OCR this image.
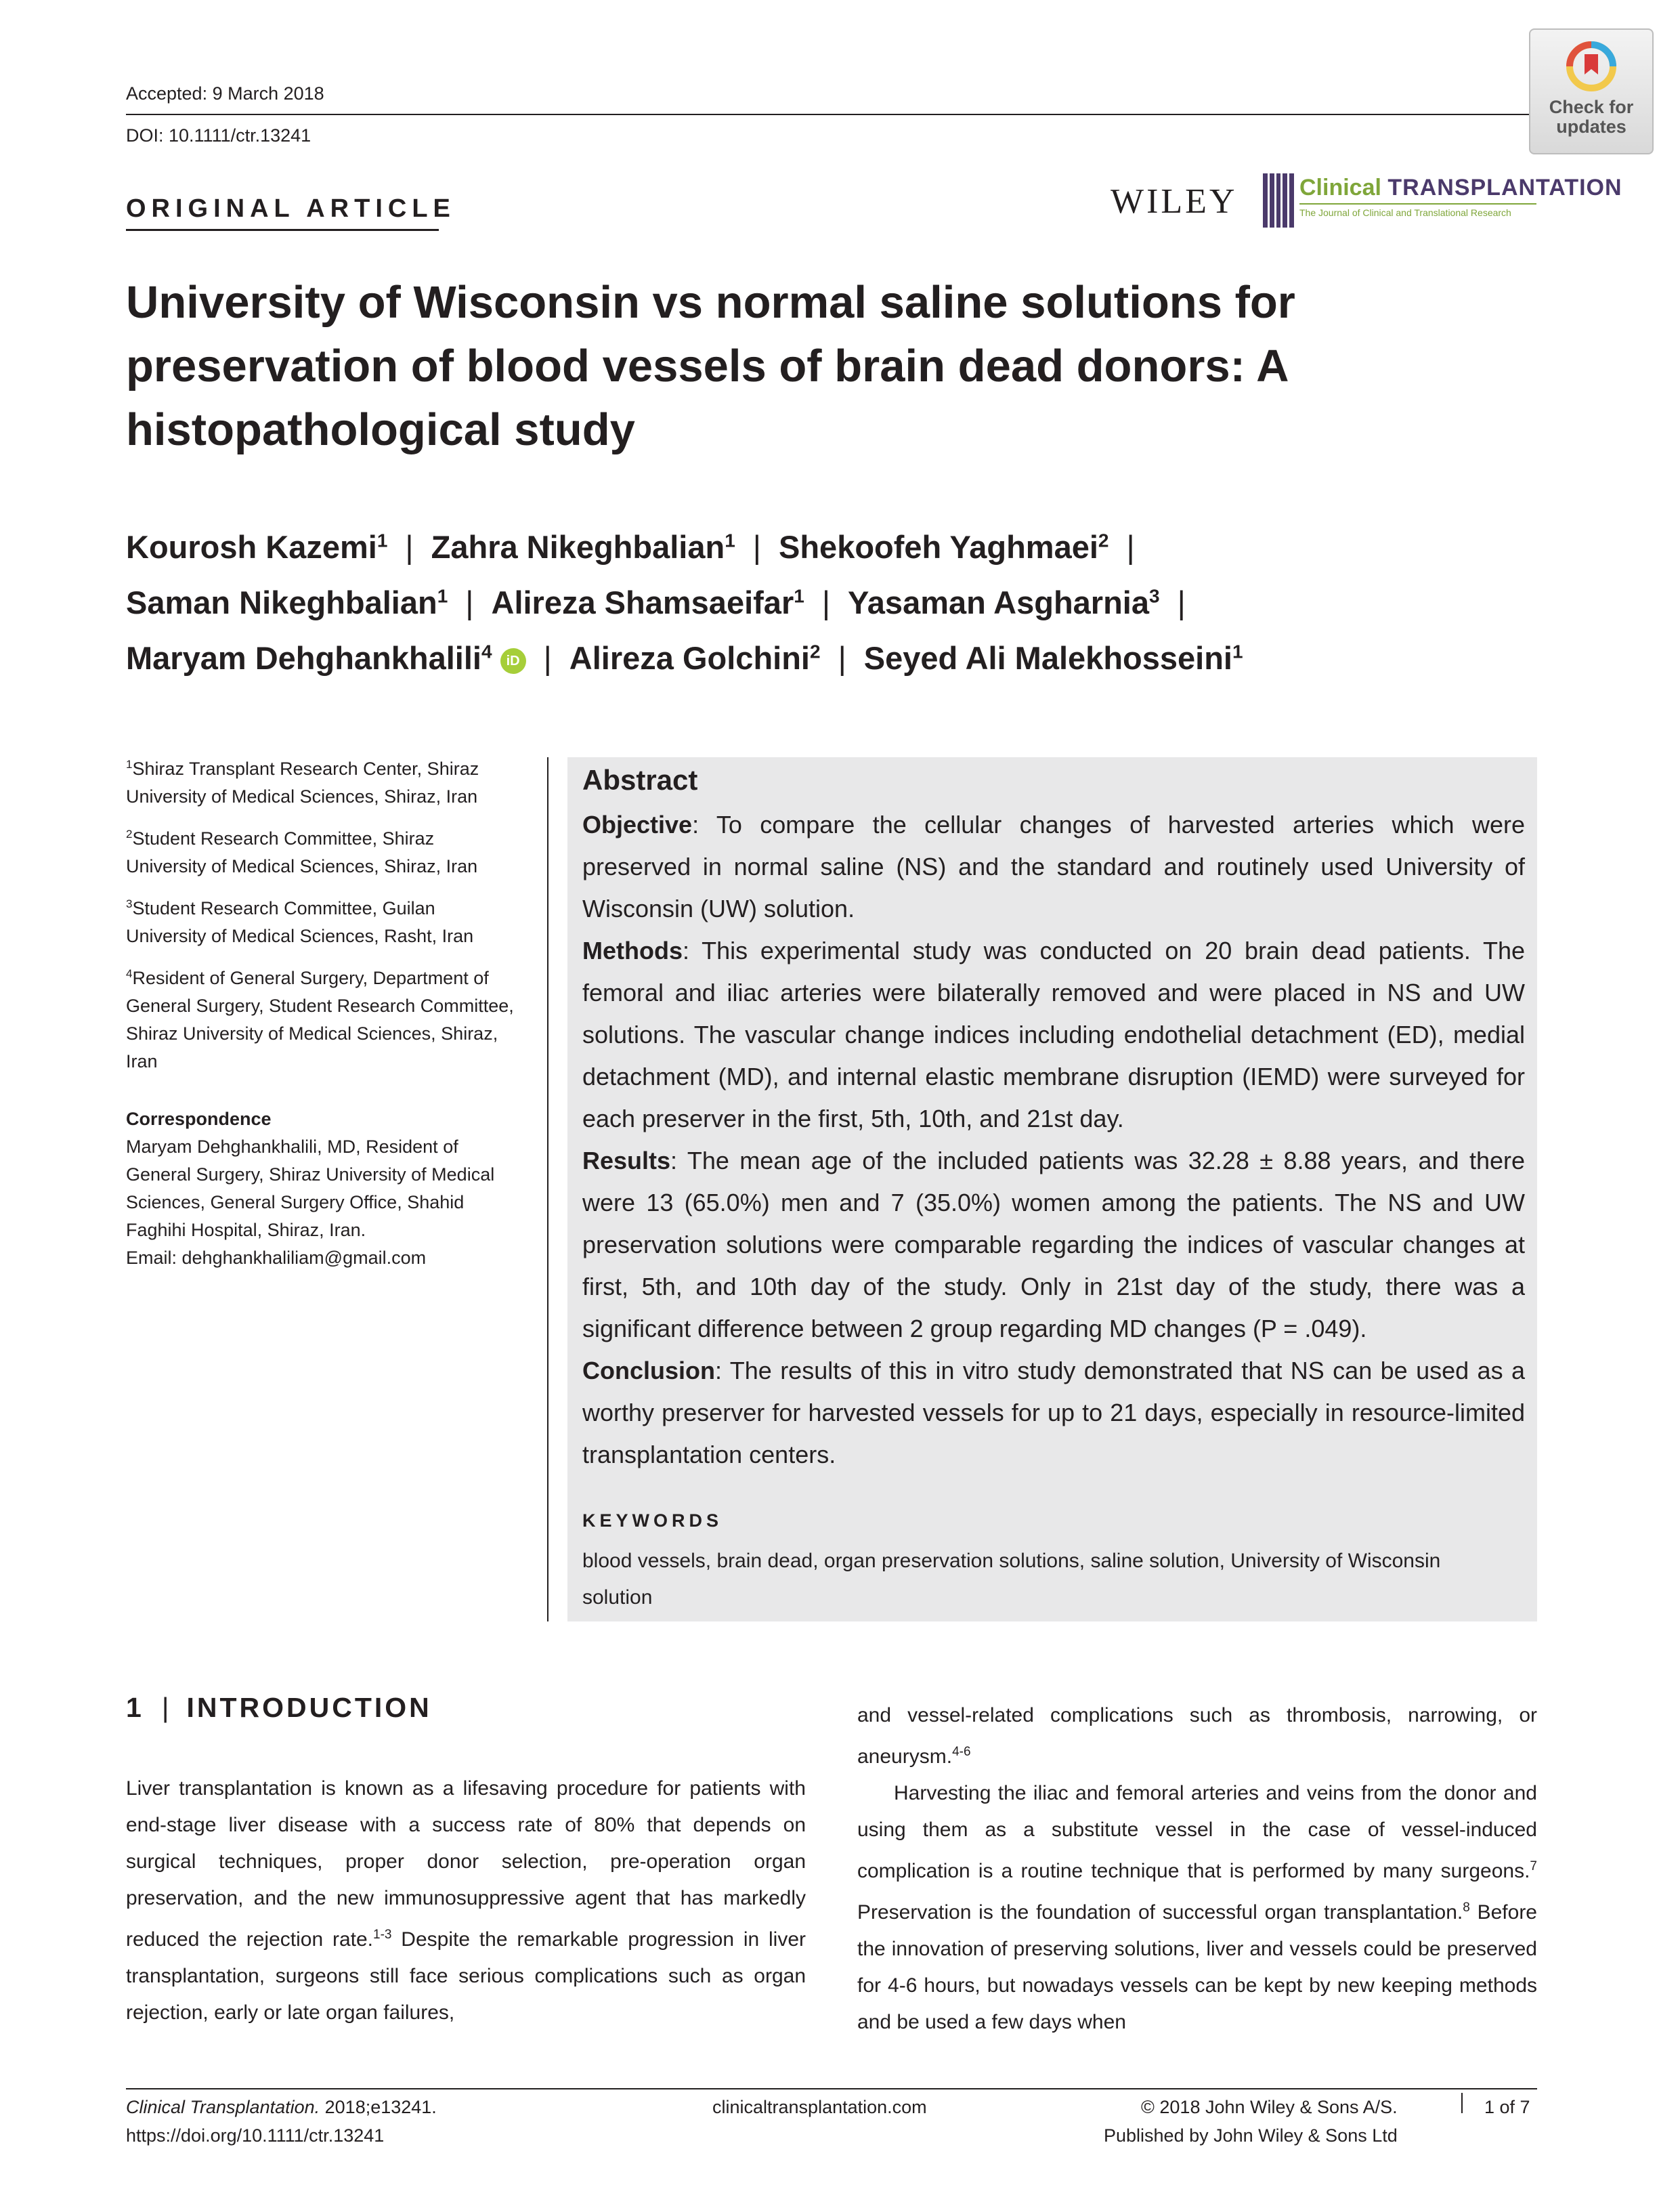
Accepted: 9 March 2018
DOI: 10.1111/ctr.13241
Check for
updates
WILEY	Clinical TRANSPLANTATION
The Journal of Clinical and Translational Research
ORIGINAL ARTICLE
University of Wisconsin vs normal saline solutions for preservation of blood vessels of brain dead donors: A histopathological study
Kourosh Kazemi$^1$ | Zahra Nikeghbalian$^1$ | Shekoofeh Yaghmaei$^2$ |
Saman Nikeghbalian$^1$ | Alireza Shamsaeifar$^1$ | Yasaman Asgharnia$^3$ |
Maryam Dehghankhalili$^4$ iD | Alireza Golchini$^2$ | Seyed Ali Malekhosseini$^1$
$^1$Shiraz Transplant Research Center, Shiraz University of Medical Sciences, Shiraz, Iran
$^2$Student Research Committee, Shiraz University of Medical Sciences, Shiraz, Iran
$^3$Student Research Committee, Guilan University of Medical Sciences, Rasht, Iran
$^4$Resident of General Surgery, Department of General Surgery, Student Research Committee, Shiraz University of Medical Sciences, Shiraz, Iran
Correspondence
Maryam Dehghankhalili, MD, Resident of General Surgery, Shiraz University of Medical Sciences, General Surgery Office, Shahid Faghihi Hospital, Shiraz, Iran.
Email: dehghankhaliliam@gmail.com
Abstract

Objective: To compare the cellular changes of harvested arteries which were preserved in normal saline (NS) and the standard and routinely used University of Wisconsin (UW) solution.

Methods: This experimental study was conducted on 20 brain dead patients. The femoral and iliac arteries were bilaterally removed and were placed in NS and UW solutions. The vascular change indices including endothelial detachment (ED), medial detachment (MD), and internal elastic membrane disruption (IEMD) were surveyed for each preserver in the first, 5th, 10th, and 21st day.

Results: The mean age of the included patients was 32.28 ± 8.88 years, and there were 13 (65.0%) men and 7 (35.0%) women among the patients. The NS and UW preservation solutions were comparable regarding the indices of vascular changes at first, 5th, and 10th day of the study. Only in 21st day of the study, there was a significant difference between 2 group regarding MD changes (P = .049).

Conclusion: The results of this in vitro study demonstrated that NS can be used as a worthy preserver for harvested vessels for up to 21 days, especially in resource-limited transplantation centers.

KEYWORDS
blood vessels, brain dead, organ preservation solutions, saline solution, University of Wisconsin solution
1 | INTRODUCTION

Liver transplantation is known as a lifesaving procedure for patients with end-stage liver disease with a success rate of 80% that depends on surgical techniques, proper donor selection, pre-operation organ preservation, and the new immunosuppressive agent that has markedly reduced the rejection rate.$^{1-3}$ Despite the remarkable progression in liver transplantation, surgeons still face serious complications such as organ rejection, early or late organ failures,

and vessel-related complications such as thrombosis, narrowing, or aneurysm.$^{4-6}$

Harvesting the iliac and femoral arteries and veins from the donor and using them as a substitute vessel in the case of vessel-induced complication is a routine technique that is performed by many surgeons.$^7$ Preservation is the foundation of successful organ transplantation.$^8$ Before the innovation of preserving solutions, liver and vessels could be preserved for 4-6 hours, but nowadays vessels can be kept by new keeping methods and be used a few days when

Clinical Transplantation. 2018;e13241.
https://doi.org/10.1111/ctr.13241
clinicaltransplantation.com	© 2018 John Wiley & Sons A/S.
Published by John Wiley & Sons Ltd
1 of 7
